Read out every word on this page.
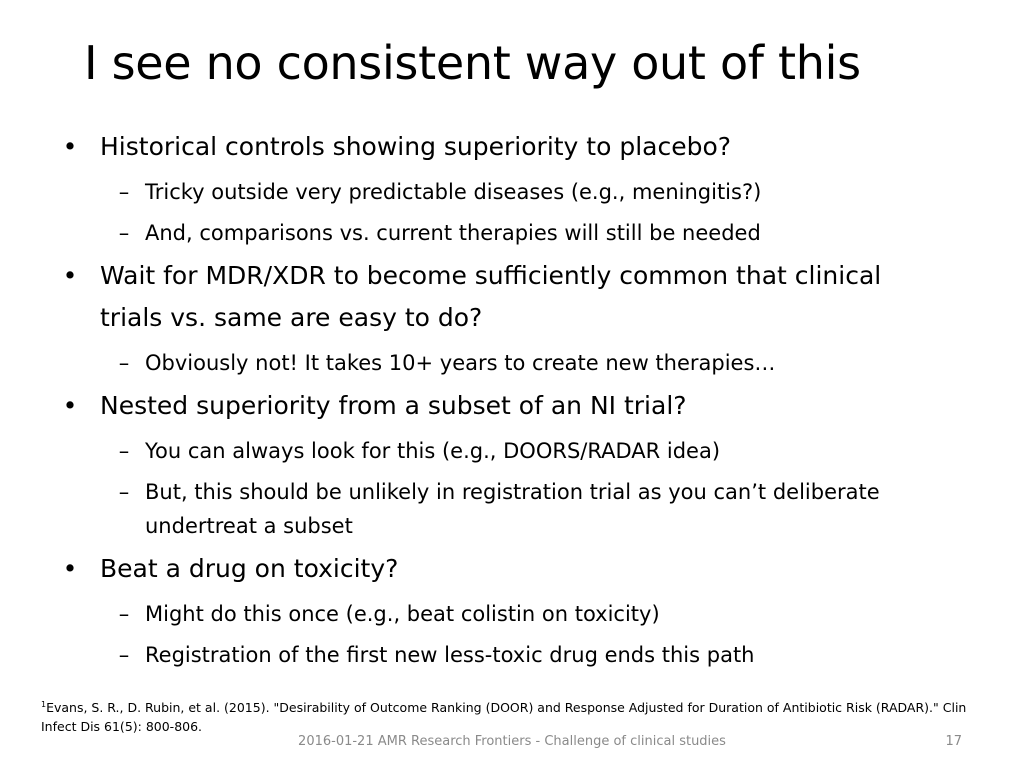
I see no consistent way out of this
• Historical controls showing superiority to placebo?
– Tricky outside very predictable diseases (e.g., meningitis?)
– And, comparisons vs. current therapies will still be needed
• Wait for MDR/XDR to become sufficiently common that clinical trials vs. same are easy to do?
– Obviously not! It takes 10+ years to create new therapies…
• Nested superiority from a subset of an NI trial?
– You can always look for this (e.g., DOORS/RADAR idea)
– But, this should be unlikely in registration trial as you can’t deliberate undertreat a subset
• Beat a drug on toxicity?
– Might do this once (e.g., beat colistin on toxicity)
– Registration of the first new less-toxic drug ends this path
$^1$Evans, S. R., D. Rubin, et al. (2015). "Desirability of Outcome Ranking (DOOR) and Response Adjusted for Duration of Antibiotic Risk (RADAR)." Clin Infect Dis 61(5): 800-806.
2016-01-21 AMR Research Frontiers - Challenge of clinical studies	17
